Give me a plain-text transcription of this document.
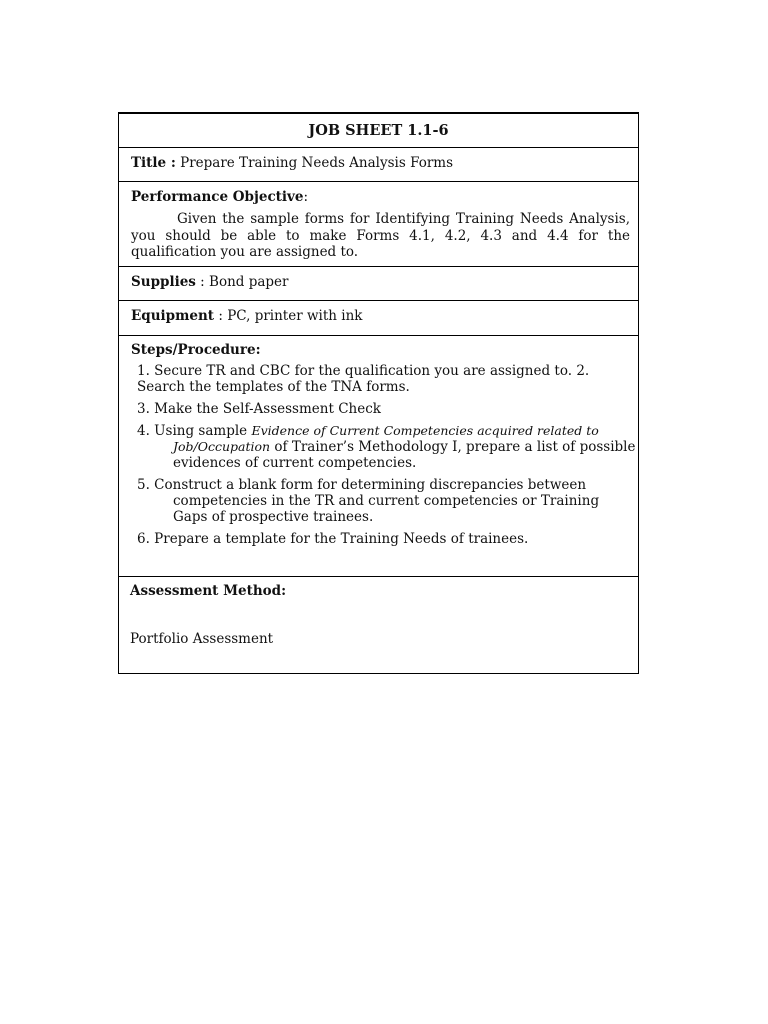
JOB SHEET 1.1-6
Title : Prepare Training Needs Analysis Forms
Performance Objective:
Given the sample forms for Identifying Training Needs Analysis, you should be able to make Forms 4.1, 4.2, 4.3 and 4.4 for the qualification you are assigned to.
Supplies : Bond paper
Equipment : PC, printer with ink
Steps/Procedure:
1. Secure TR and CBC for the qualification you are assigned to. 2.
Search the templates of the TNA forms.
3. Make the Self-Assessment Check
4. Using sample Evidence of Current Competencies acquired related to
Job/Occupation of Trainer’s Methodology I, prepare a list of possible
evidences of current competencies.
5. Construct a blank form for determining discrepancies between
competencies in the TR and current competencies or Training
Gaps of prospective trainees.
6. Prepare a template for the Training Needs of trainees.
Assessment Method:
Portfolio Assessment
